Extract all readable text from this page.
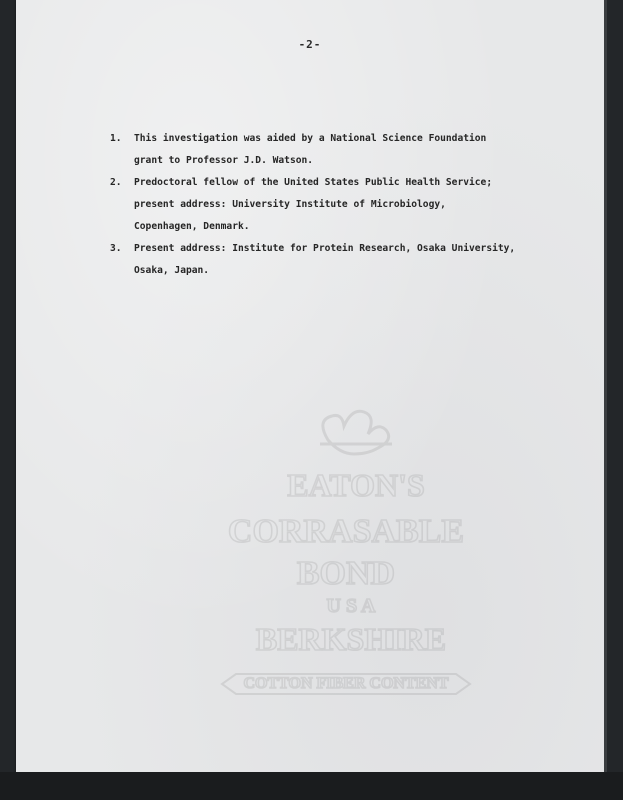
-2-
1. This investigation was aided by a National Science Foundation
grant to Professor J.D. Watson.
2. Predoctoral fellow of the United States Public Health Service;
present address: University Institute of Microbiology,
Copenhagen, Denmark.
3. Present address: Institute for Protein Research, Osaka University,
Osaka, Japan.
EATON'S
CORRASABLE
BOND
U S A
BERKSHIRE
COTTON FIBER CONTENT
